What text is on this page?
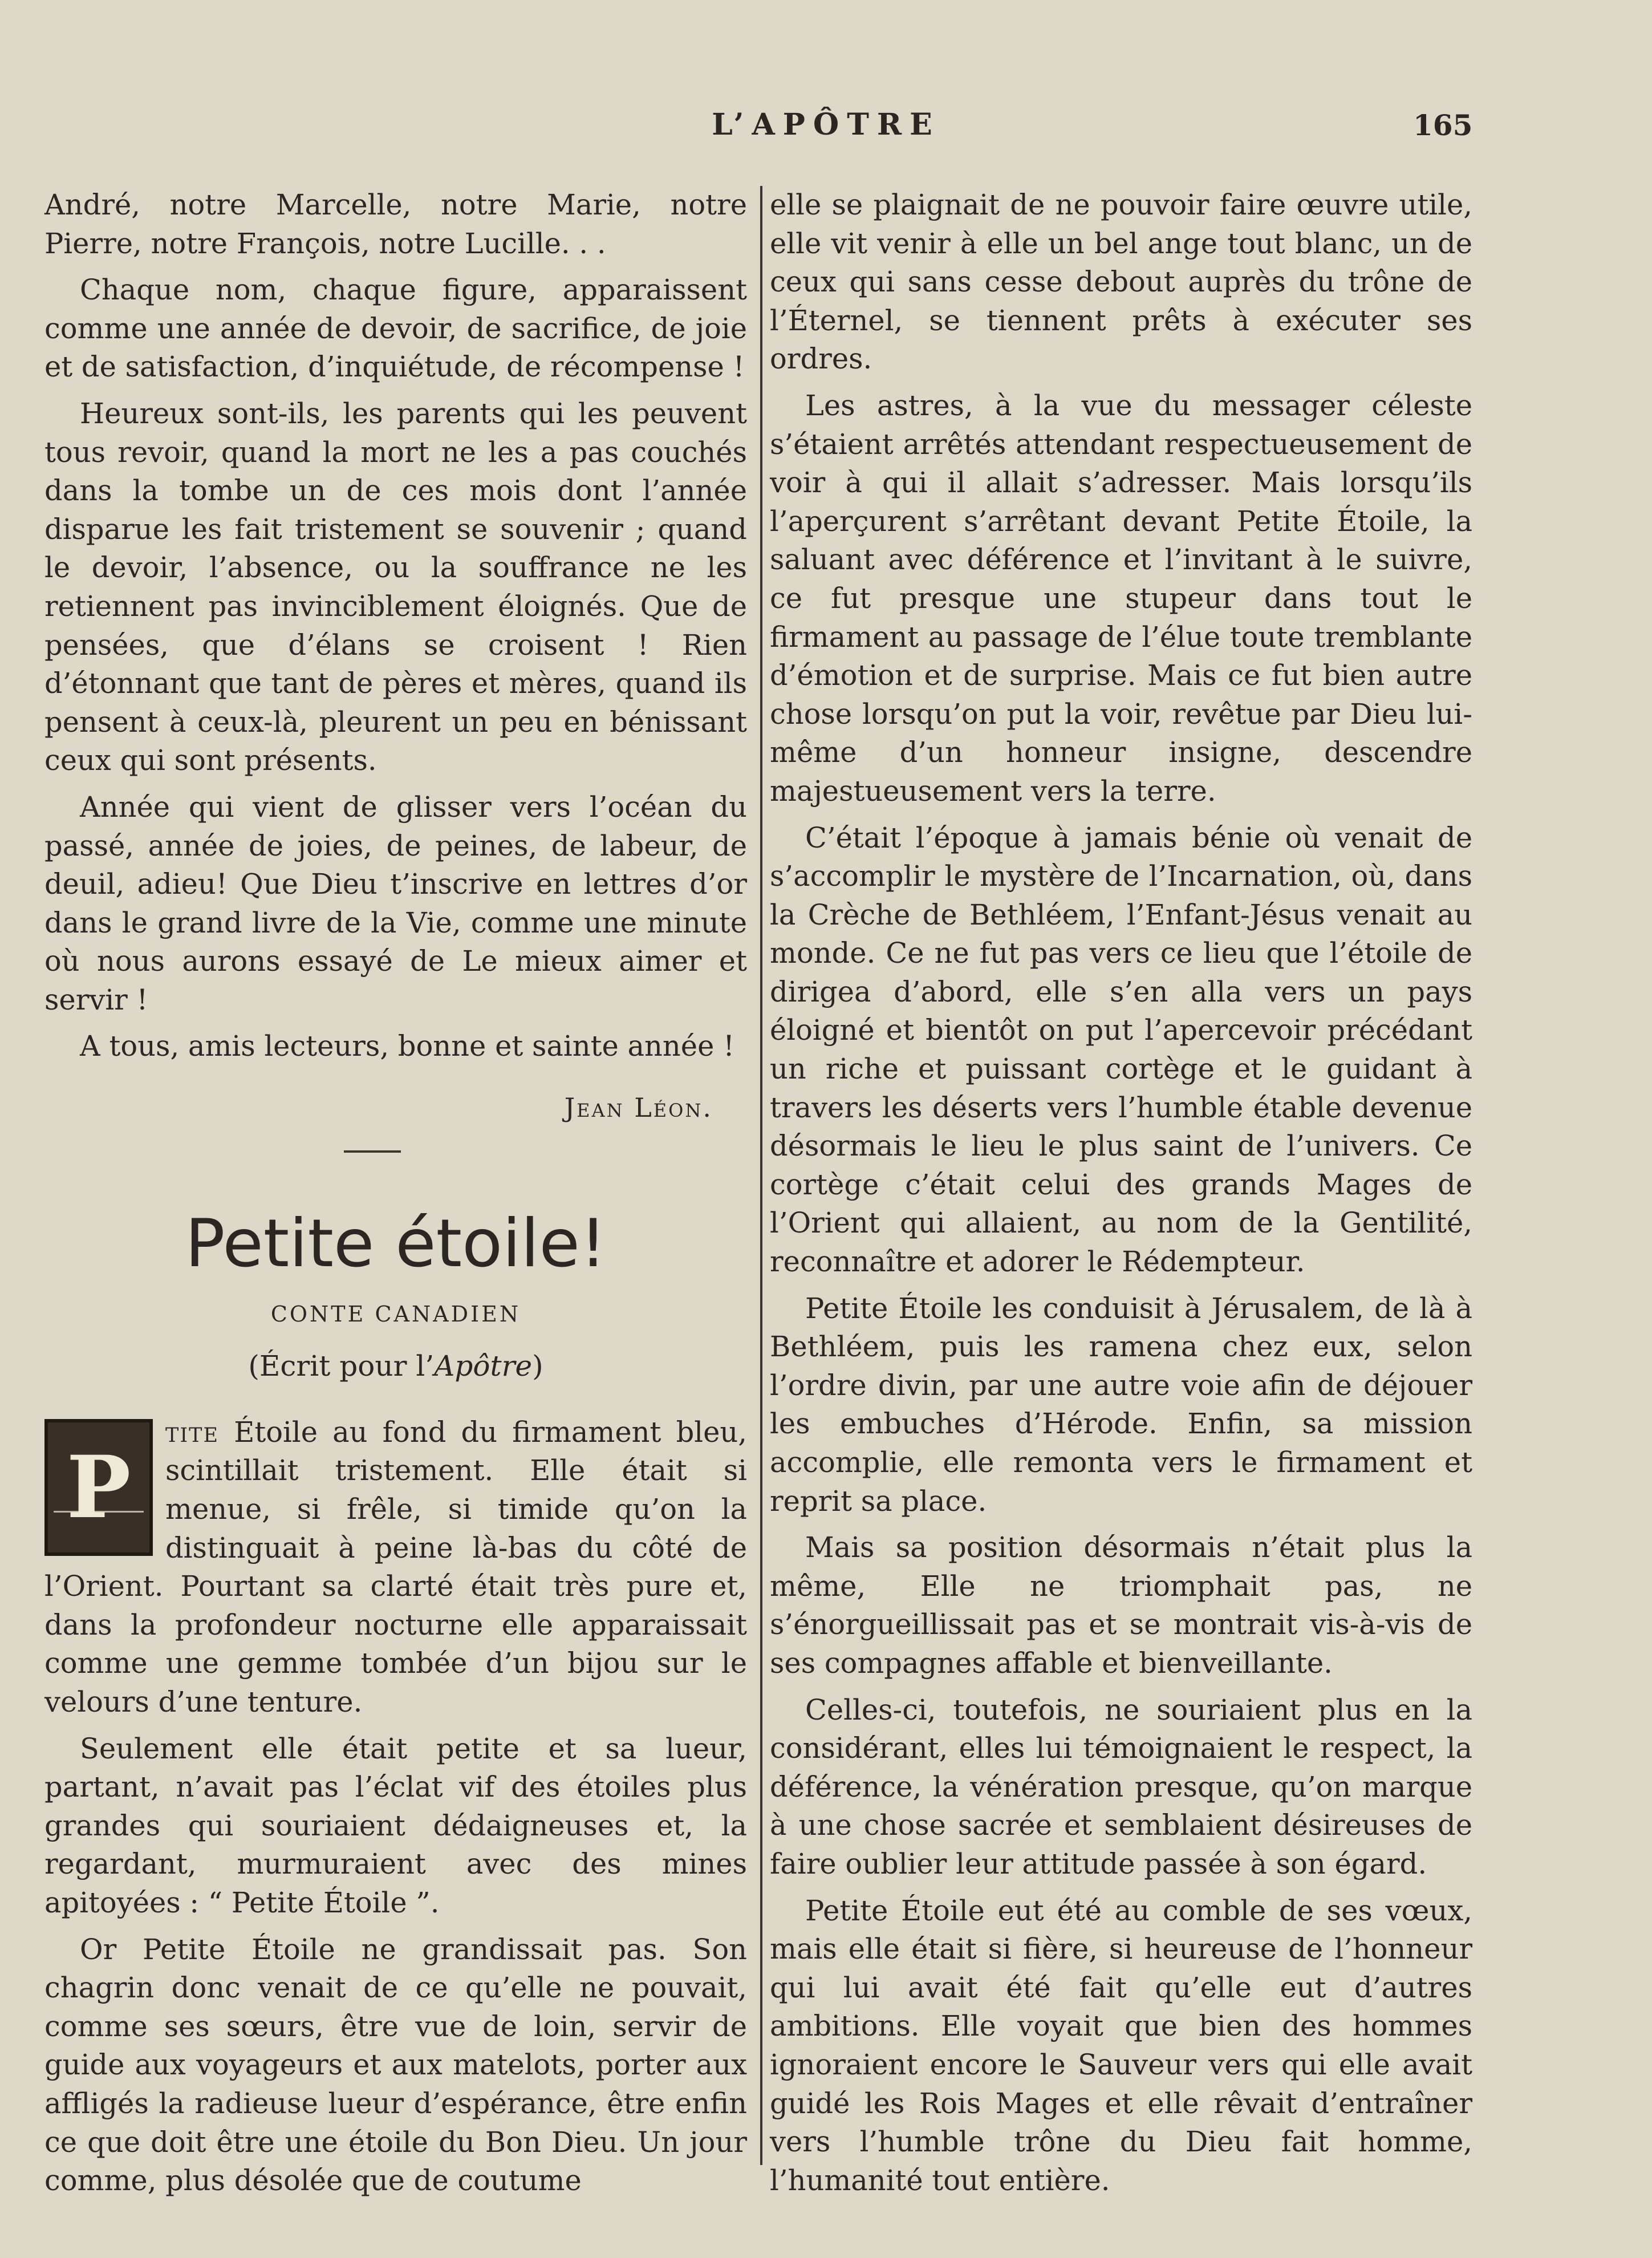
L’APÔTRE	165

André, notre Marcelle, notre Marie, notre Pierre, notre François, notre Lucille. . .

Chaque nom, chaque figure, apparaissent comme une année de devoir, de sacrifice, de joie et de satisfaction, d’inquiétude, de récompense !

Heureux sont-ils, les parents qui les peuvent tous revoir, quand la mort ne les a pas couchés dans la tombe un de ces mois dont l’année disparue les fait tristement se souvenir ; quand le devoir, l’absence, ou la souffrance ne les retiennent pas invinciblement éloignés. Que de pensées, que d’élans se croisent ! Rien d’étonnant que tant de pères et mères, quand ils pensent à ceux-là, pleurent un peu en bénissant ceux qui sont présents.

Année qui vient de glisser vers l’océan du passé, année de joies, de peines, de labeur, de deuil, adieu! Que Dieu t’inscrive en lettres d’or dans le grand livre de la Vie, comme une minute où nous aurons essayé de Le mieux aimer et servir !

A tous, amis lecteurs, bonne et sainte année !

Jean Léon.
Petite étoile!
CONTE CANADIEN
(Écrit pour l’Apôtre)
P

tite Étoile au fond du firmament bleu, scintillait tristement. Elle était si menue, si frêle, si timide qu’on la distinguait à peine là-bas du côté de l’Orient. Pourtant sa clarté était très pure et, dans la profondeur nocturne elle apparaissait comme une gemme tombée d’un bijou sur le velours d’une tenture.

Seulement elle était petite et sa lueur, partant, n’avait pas l’éclat vif des étoiles plus grandes qui souriaient dédaigneuses et, la regardant, murmuraient avec des mines apitoyées : “ Petite Étoile ”.

Or Petite Étoile ne grandissait pas. Son chagrin donc venait de ce qu’elle ne pouvait, comme ses sœurs, être vue de loin, servir de guide aux voyageurs et aux matelots, porter aux affligés la radieuse lueur d’espérance, être enfin ce que doit être une étoile du Bon Dieu. Un jour comme, plus désolée que de coutume

elle se plaignait de ne pouvoir faire œuvre utile, elle vit venir à elle un bel ange tout blanc, un de ceux qui sans cesse debout auprès du trône de l’Éternel, se tiennent prêts à exécuter ses ordres.

Les astres, à la vue du messager céleste s’étaient arrêtés attendant respectueusement de voir à qui il allait s’adresser. Mais lorsqu’ils l’aperçurent s’arrêtant devant Petite Étoile, la saluant avec déférence et l’invitant à le suivre, ce fut presque une stupeur dans tout le firmament au passage de l’élue toute tremblante d’émotion et de surprise. Mais ce fut bien autre chose lorsqu’on put la voir, revêtue par Dieu lui-même d’un honneur insigne, descendre majestueusement vers la terre.

C’était l’époque à jamais bénie où venait de s’accomplir le mystère de l’Incarnation, où, dans la Crèche de Bethléem, l’Enfant-Jésus venait au monde. Ce ne fut pas vers ce lieu que l’étoile de dirigea d’abord, elle s’en alla vers un pays éloigné et bientôt on put l’apercevoir précédant un riche et puissant cortège et le guidant à travers les déserts vers l’humble étable devenue désormais le lieu le plus saint de l’univers. Ce cortège c’était celui des grands Mages de l’Orient qui allaient, au nom de la Gentilité, reconnaître et adorer le Rédempteur.

Petite Étoile les conduisit à Jérusalem, de là à Bethléem, puis les ramena chez eux, selon l’ordre divin, par une autre voie afin de déjouer les embuches d’Hérode. Enfin, sa mission accomplie, elle remonta vers le firmament et reprit sa place.

Mais sa position désormais n’était plus la même, Elle ne triomphait pas, ne s’énorgueillissait pas et se montrait vis-à-vis de ses compagnes affable et bienveillante.

Celles-ci, toutefois, ne souriaient plus en la considérant, elles lui témoignaient le respect, la déférence, la vénération presque, qu’on marque à une chose sacrée et semblaient désireuses de faire oublier leur attitude passée à son égard.

Petite Étoile eut été au comble de ses vœux, mais elle était si fière, si heureuse de l’honneur qui lui avait été fait qu’elle eut d’autres ambitions. Elle voyait que bien des hommes ignoraient encore le Sauveur vers qui elle avait guidé les Rois Mages et elle rêvait d’entraîner vers l’humble trône du Dieu fait homme, l’humanité tout entière.
